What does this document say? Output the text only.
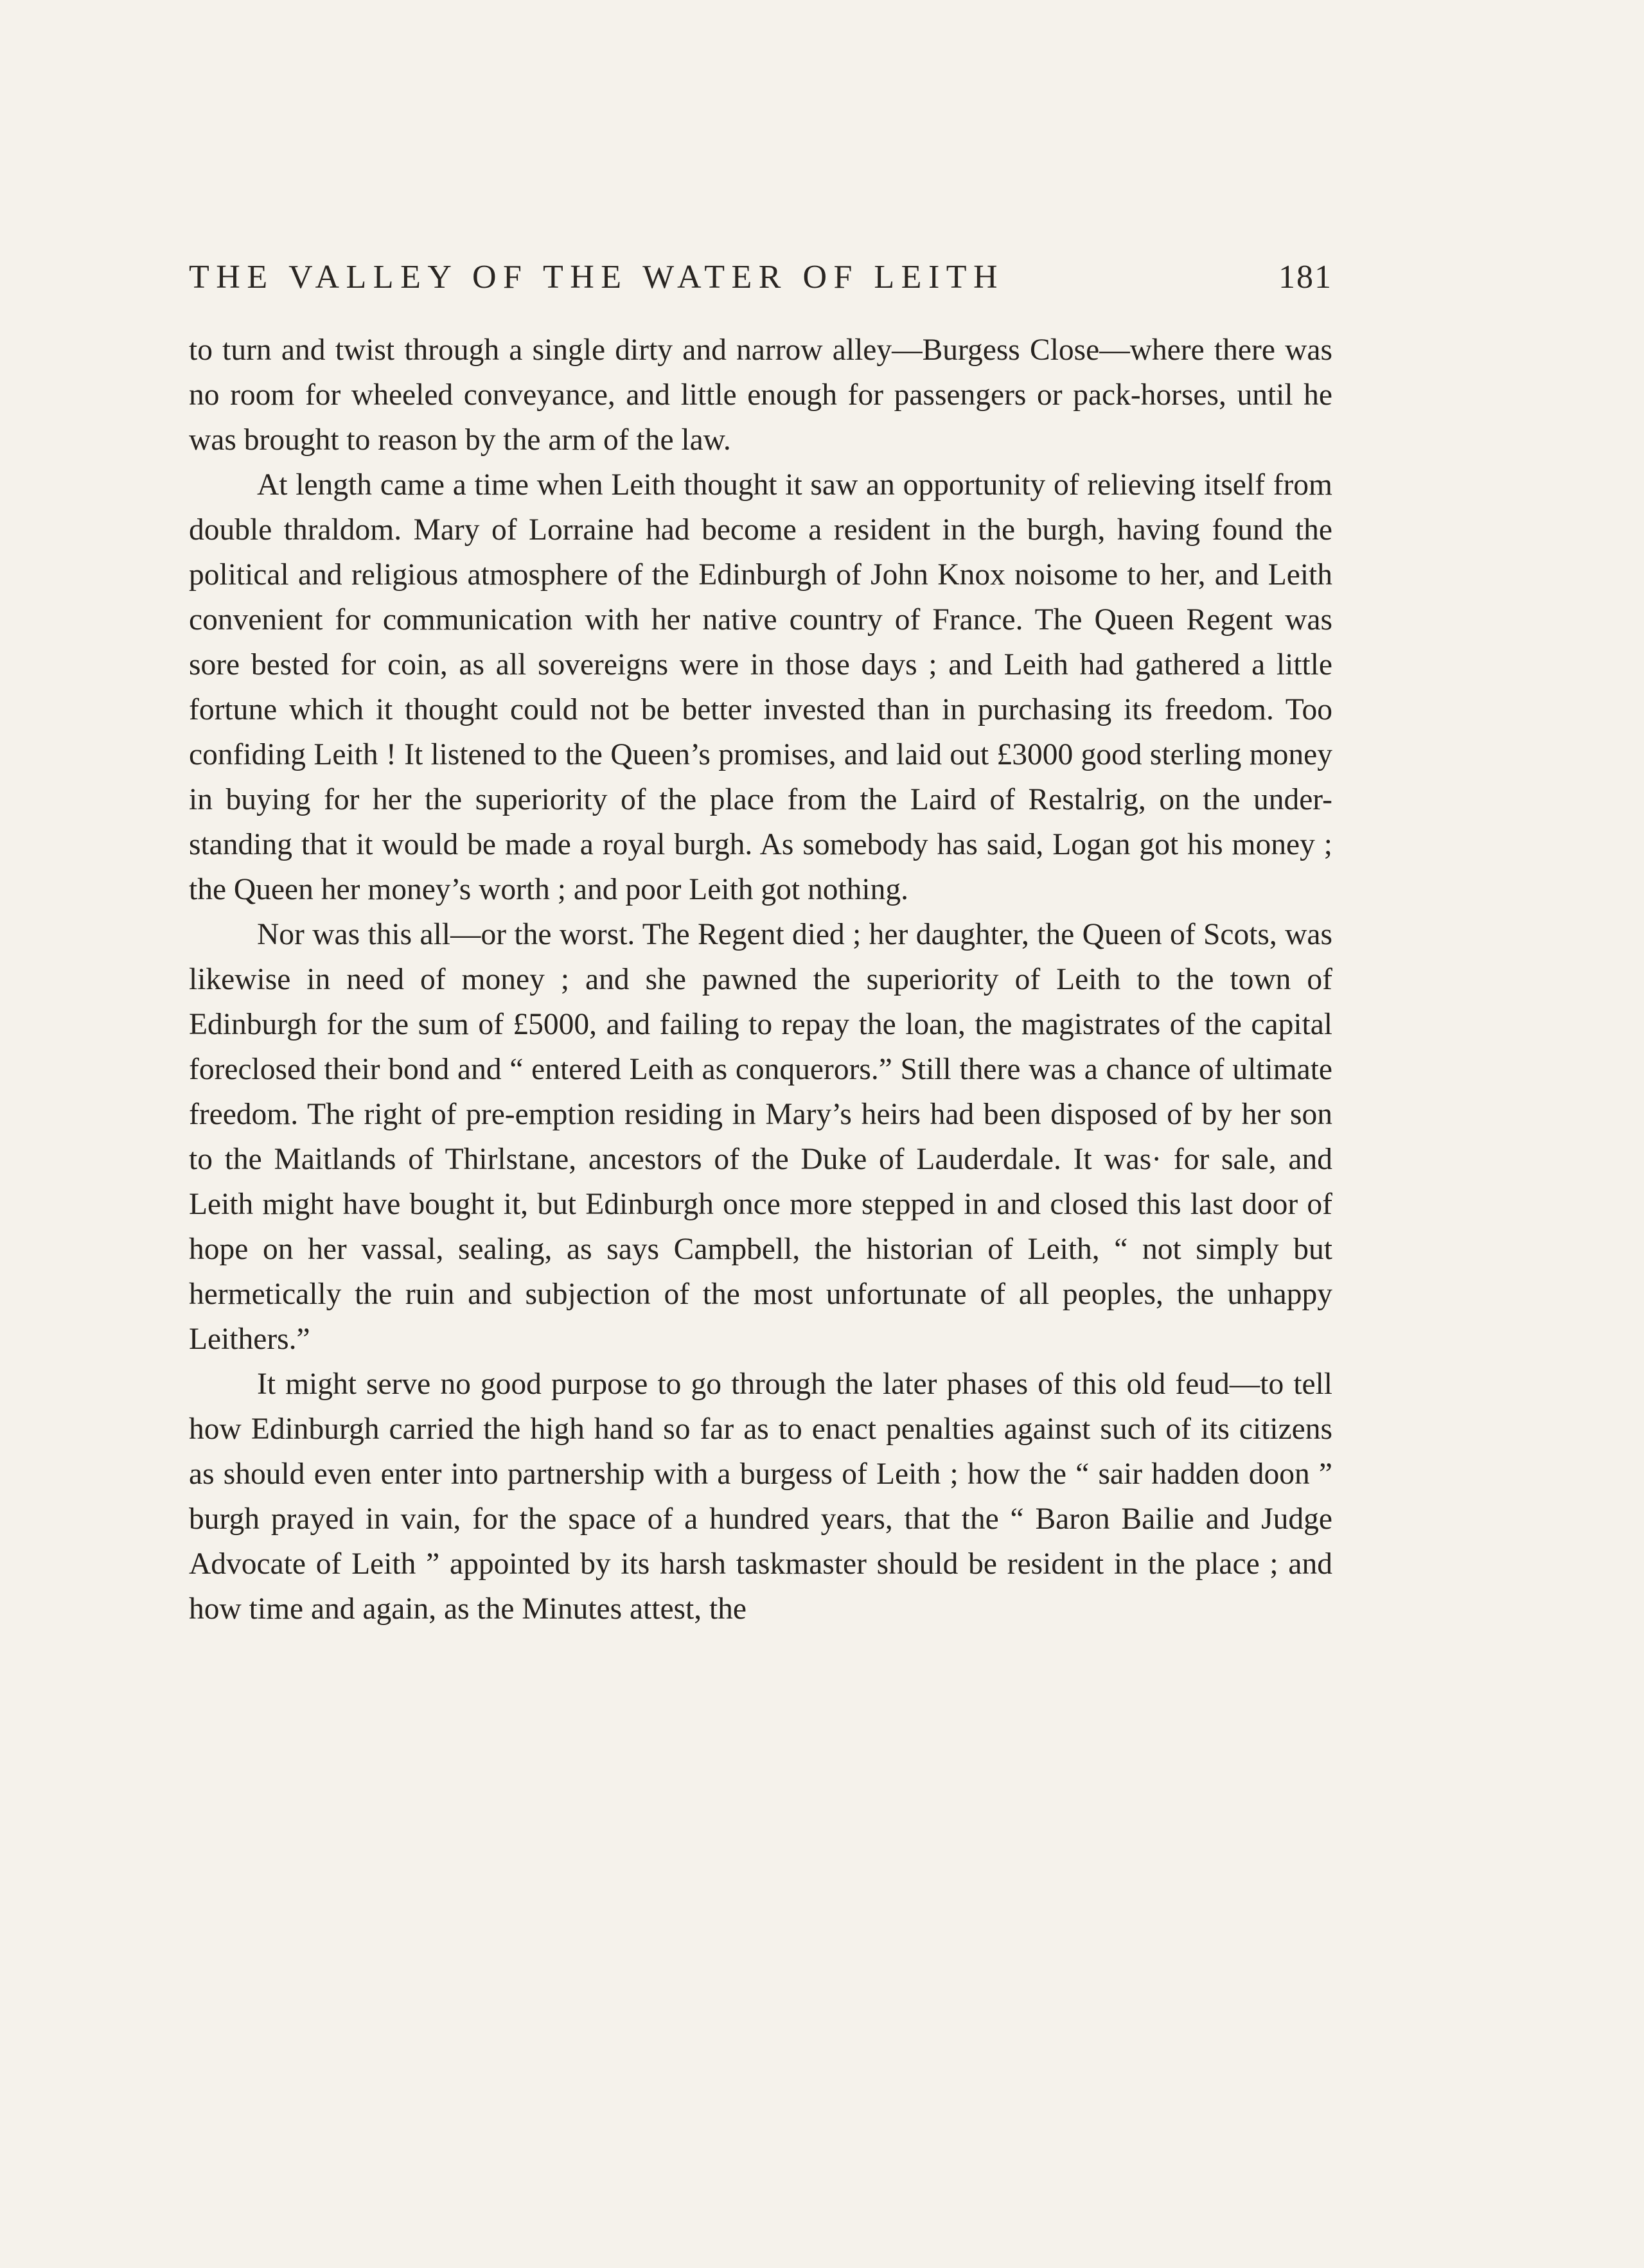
THE VALLEY OF THE WATER OF LEITH	181

to turn and twist through a single dirty and narrow alley—Burgess Close—where there was no room for wheeled conveyance, and little enough for passengers or pack-horses, until he was brought to reason by the arm of the law.

At length came a time when Leith thought it saw an opportunity of relieving itself from double thraldom. Mary of Lorraine had become a resident in the burgh, having found the political and religious atmosphere of the Edinburgh of John Knox noisome to her, and Leith convenient for communication with her native country of France. The Queen Regent was sore bested for coin, as all sovereigns were in those days ; and Leith had gathered a little fortune which it thought could not be better invested than in purchasing its freedom. Too confiding Leith ! It listened to the Queen’s promises, and laid out £3000 good sterling money in buying for her the superiority of the place from the Laird of Restalrig, on the under-standing that it would be made a royal burgh. As somebody has said, Logan got his money ; the Queen her money’s worth ; and poor Leith got nothing.

Nor was this all—or the worst. The Regent died ; her daughter, the Queen of Scots, was likewise in need of money ; and she pawned the superiority of Leith to the town of Edinburgh for the sum of £5000, and failing to repay the loan, the magistrates of the capital foreclosed their bond and “ entered Leith as conquerors.” Still there was a chance of ultimate freedom. The right of pre-emption residing in Mary’s heirs had been disposed of by her son to the Maitlands of Thirlstane, ancestors of the Duke of Lauderdale. It was· for sale, and Leith might have bought it, but Edinburgh once more stepped in and closed this last door of hope on her vassal, sealing, as says Campbell, the historian of Leith, “ not simply but hermetically the ruin and subjection of the most unfortunate of all peoples, the unhappy Leithers.”

It might serve no good purpose to go through the later phases of this old feud—to tell how Edinburgh carried the high hand so far as to enact penalties against such of its citizens as should even enter into partnership with a burgess of Leith ; how the “ sair hadden doon ” burgh prayed in vain, for the space of a hundred years, that the “ Baron Bailie and Judge Advocate of Leith ” appointed by its harsh taskmaster should be resident in the place ; and how time and again, as the Minutes attest, the
